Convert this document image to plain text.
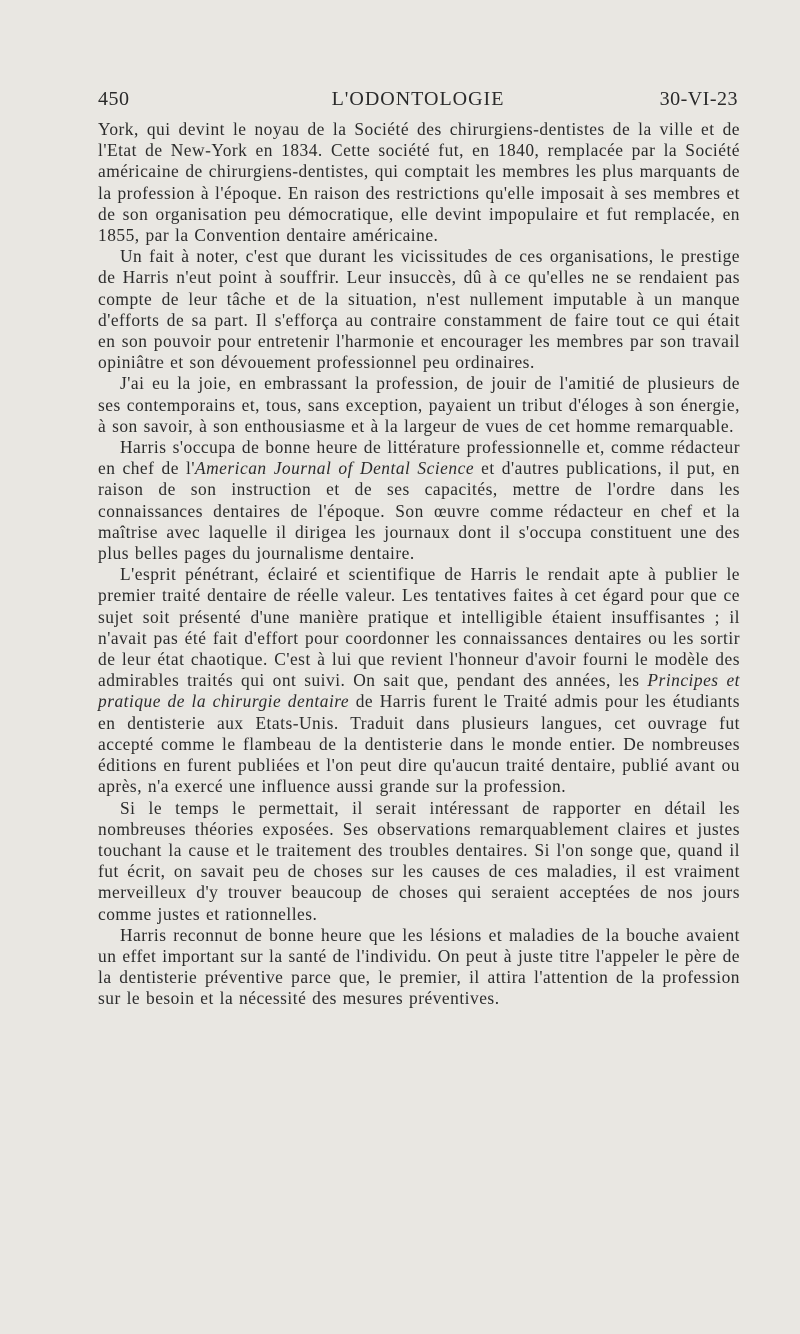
450	L'ODONTOLOGIE	30-VI-23

York, qui devint le noyau de la Société des chirurgiens-dentistes de la ville et de l'Etat de New-York en 1834. Cette société fut, en 1840, remplacée par la Société américaine de chirurgiens-dentistes, qui comptait les membres les plus marquants de la profession à l'époque. En raison des restrictions qu'elle imposait à ses membres et de son organisation peu démocratique, elle devint impopulaire et fut remplacée, en 1855, par la Convention dentaire américaine.

Un fait à noter, c'est que durant les vicissitudes de ces organisations, le prestige de Harris n'eut point à souffrir. Leur insuccès, dû à ce qu'elles ne se rendaient pas compte de leur tâche et de la situation, n'est nullement imputable à un manque d'efforts de sa part. Il s'efforça au contraire constamment de faire tout ce qui était en son pouvoir pour entretenir l'harmonie et encourager les membres par son travail opiniâtre et son dévouement professionnel peu ordinaires.

J'ai eu la joie, en embrassant la profession, de jouir de l'amitié de plusieurs de ses contemporains et, tous, sans exception, payaient un tribut d'éloges à son énergie, à son savoir, à son enthousiasme et à la largeur de vues de cet homme remarquable.

Harris s'occupa de bonne heure de littérature professionnelle et, comme rédacteur en chef de l'American Journal of Dental Science et d'autres publications, il put, en raison de son instruction et de ses capacités, mettre de l'ordre dans les connaissances dentaires de l'époque. Son œuvre comme rédacteur en chef et la maîtrise avec laquelle il dirigea les journaux dont il s'occupa constituent une des plus belles pages du journalisme dentaire.

L'esprit pénétrant, éclairé et scientifique de Harris le rendait apte à publier le premier traité dentaire de réelle valeur. Les tentatives faites à cet égard pour que ce sujet soit présenté d'une manière pratique et intelligible étaient insuffisantes ; il n'avait pas été fait d'effort pour coordonner les connaissances dentaires ou les sortir de leur état chaotique. C'est à lui que revient l'honneur d'avoir fourni le modèle des admirables traités qui ont suivi. On sait que, pendant des années, les Principes et pratique de la chirurgie dentaire de Harris furent le Traité admis pour les étudiants en dentisterie aux Etats-Unis. Traduit dans plusieurs langues, cet ouvrage fut accepté comme le flambeau de la dentisterie dans le monde entier. De nombreuses éditions en furent publiées et l'on peut dire qu'aucun traité dentaire, publié avant ou après, n'a exercé une influence aussi grande sur la profession.

Si le temps le permettait, il serait intéressant de rapporter en détail les nombreuses théories exposées. Ses observations remarquablement claires et justes touchant la cause et le traitement des troubles dentaires. Si l'on songe que, quand il fut écrit, on savait peu de choses sur les causes de ces maladies, il est vraiment merveilleux d'y trouver beaucoup de choses qui seraient acceptées de nos jours comme justes et rationnelles.

Harris reconnut de bonne heure que les lésions et maladies de la bouche avaient un effet important sur la santé de l'individu. On peut à juste titre l'appeler le père de la dentisterie préventive parce que, le premier, il attira l'attention de la profession sur le besoin et la nécessité des mesures préventives.
